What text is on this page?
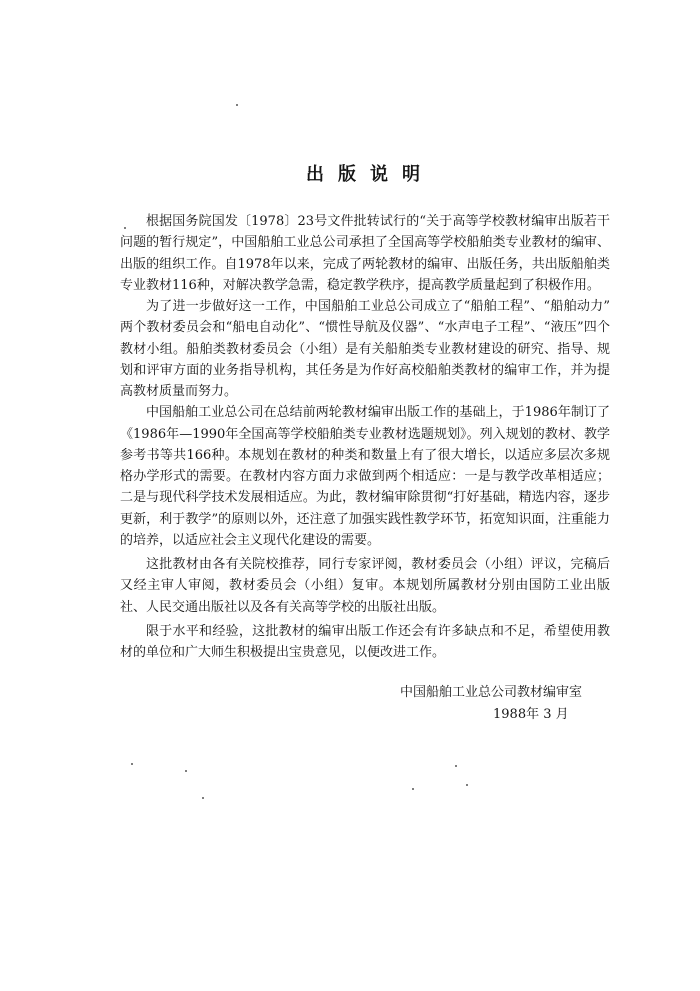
出版说明

根据国务院国发〔1978〕23号文件批转试行的“关于高等学校教材编审出版若干问题的暂行规定”，中国船舶工业总公司承担了全国高等学校船舶类专业教材的编审、出版的组织工作。自1978年以来，完成了两轮教材的编审、出版任务，共出版船舶类专业教材116种，对解决教学急需，稳定教学秩序，提高教学质量起到了积极作用。

为了进一步做好这一工作，中国船舶工业总公司成立了“船舶工程”、“船舶动力”两个教材委员会和“船电自动化”、“惯性导航及仪器”、“水声电子工程”、“液压”四个教材小组。船舶类教材委员会（小组）是有关船舶类专业教材建设的研究、指导、规划和评审方面的业务指导机构，其任务是为作好高校船舶类教材的编审工作，并为提高教材质量而努力。

中国船舶工业总公司在总结前两轮教材编审出版工作的基础上，于1986年制订了《1986年—1990年全国高等学校船舶类专业教材选题规划》。列入规划的教材、教学参考书等共166种。本规划在教材的种类和数量上有了很大增长，以适应多层次多规格办学形式的需要。在教材内容方面力求做到两个相适应：一是与教学改革相适应；二是与现代科学技术发展相适应。为此，教材编审除贯彻“打好基础，精选内容，逐步更新，利于教学”的原则以外，还注意了加强实践性教学环节，拓宽知识面，注重能力的培养，以适应社会主义现代化建设的需要。

这批教材由各有关院校推荐，同行专家评阅，教材委员会（小组）评议，完稿后又经主审人审阅，教材委员会（小组）复审。本规划所属教材分别由国防工业出版社、人民交通出版社以及各有关高等学校的出版社出版。

限于水平和经验，这批教材的编审出版工作还会有许多缺点和不足，希望使用教材的单位和广大师生积极提出宝贵意见，以便改进工作。

中国船舶工业总公司教材编审室
1988年 3 月
